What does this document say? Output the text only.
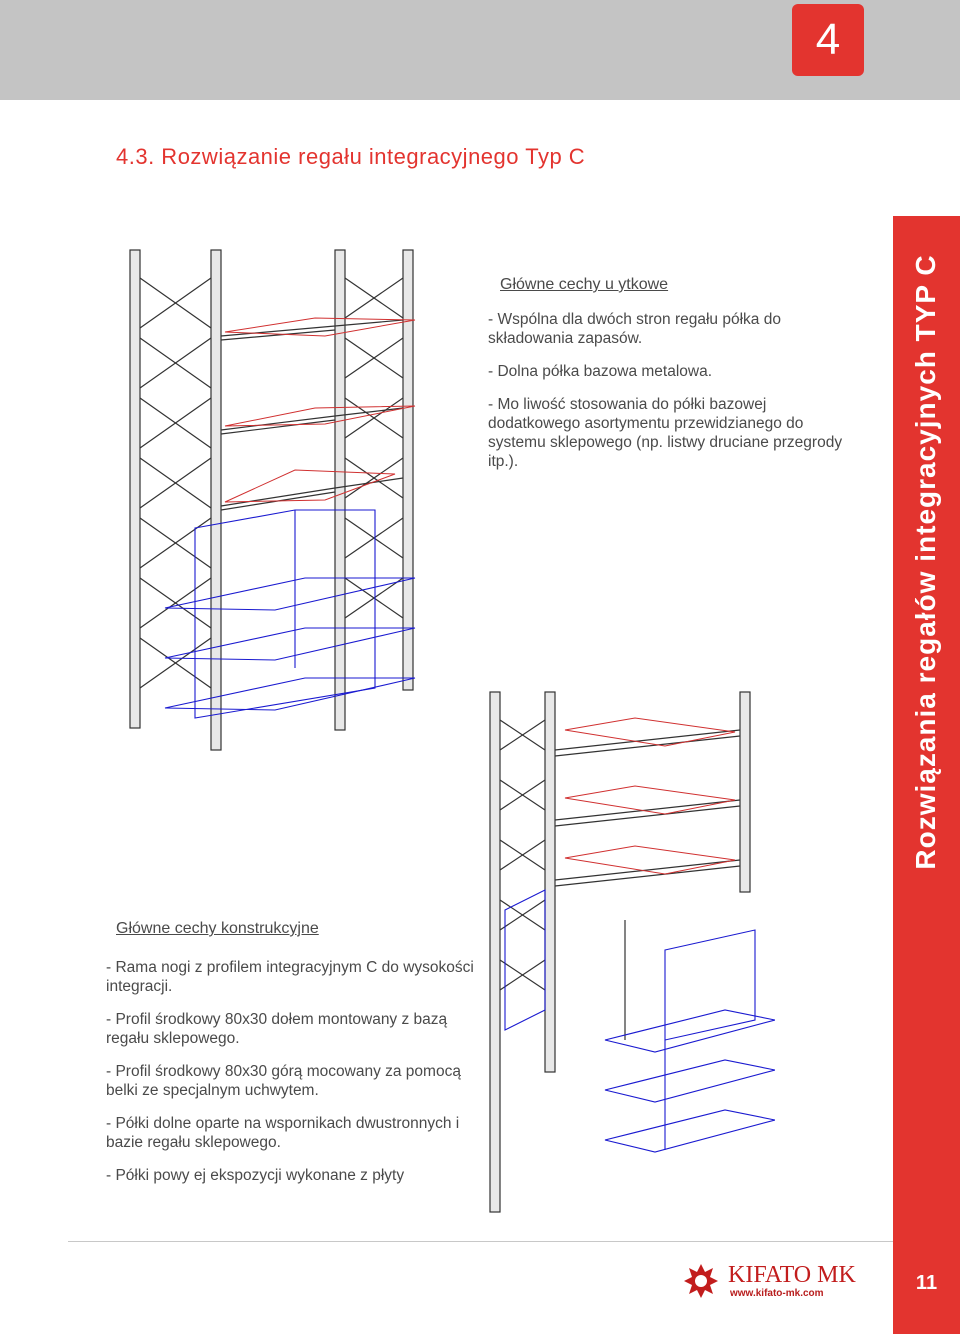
4
4.3. Rozwiązanie regału integracyjnego Typ C
Główne cechy u ytkowe
- Wspólna dla dwóch stron regału półka do składowania zapasów.
- Dolna półka bazowa metalowa.
- Mo liwość stosowania do półki bazowej dodatkowego asortymentu przewidzianego do systemu sklepowego (np. listwy druciane przegrody itp.).
Główne cechy konstrukcyjne
- Rama nogi z profilem integracyjnym C do wysokości integracji.
- Profil środkowy 80x30 dołem montowany z bazą regału sklepowego.
- Profil środkowy 80x30 górą mocowany za pomocą belki ze specjalnym uchwytem.
- Półki dolne oparte na wspornikach dwustronnych i bazie regału sklepowego.
- Półki powy ej ekspozycji wykonane z płyty
Rozwiązania regałów integracyjnych TYP C
11
KIFATO MK
www.kifato-mk.com
